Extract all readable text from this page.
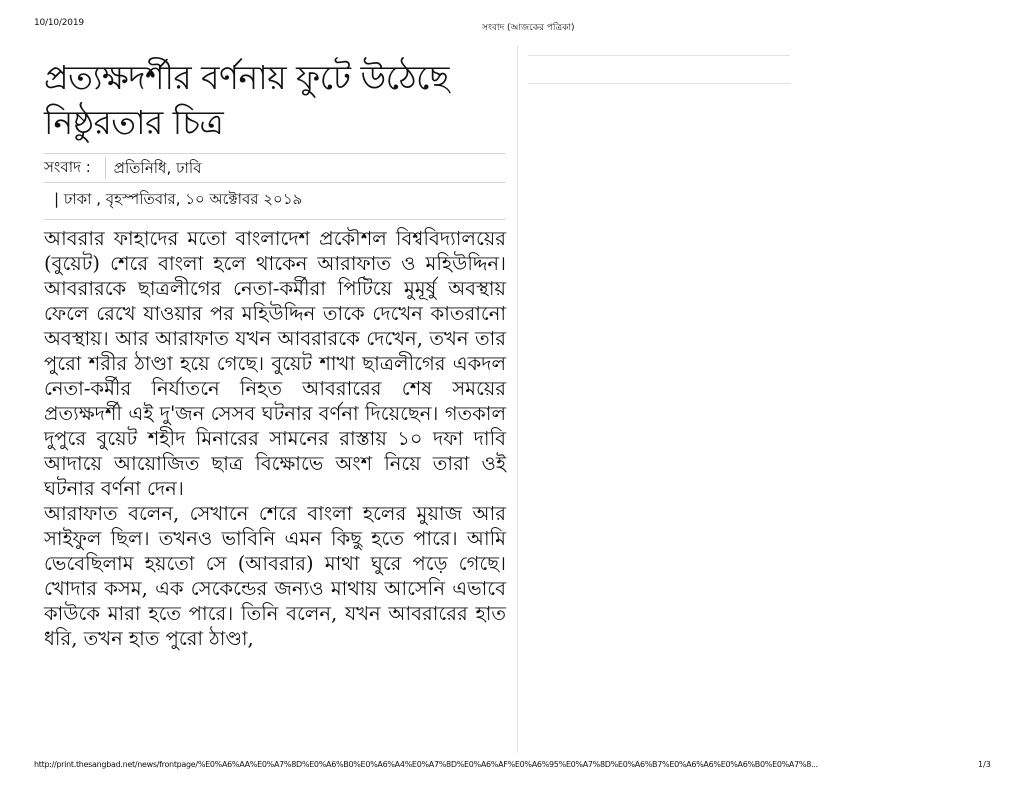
10/10/2019	সংবাদ (আজকের পত্রিকা)
প্রত্যক্ষদর্শীর বর্ণনায় ফুটে উঠেছে নিষ্ঠুরতার চিত্র
সংবাদ :	প্রতিনিধি, ঢাবি
| ঢাকা , বৃহস্পতিবার, ১০ অক্টোবর ২০১৯

আবরার ফাহাদের মতো বাংলাদেশ প্রকৌশল বিশ্ববিদ্যালয়ের (বুয়েট) শেরে বাংলা হলে থাকেন আরাফাত ও মহিউদ্দিন। আবরারকে ছাত্রলীগের নেতা-কর্মীরা পিটিয়ে মুমূর্ষু অবস্থায় ফেলে রেখে যাওয়ার পর মহিউদ্দিন তাকে দেখেন কাতরানো অবস্থায়। আর আরাফাত যখন আবরারকে দেখেন, তখন তার পুরো শরীর ঠাণ্ডা হয়ে গেছে। বুয়েট শাখা ছাত্রলীগের একদল নেতা-কর্মীর নির্যাতনে নিহত আবরারের শেষ সময়ের প্রত্যক্ষদর্শী এই দু'জন সেসব ঘটনার বর্ণনা দিয়েছেন। গতকাল দুপুরে বুয়েট শহীদ মিনারের সামনের রাস্তায় ১০ দফা দাবি আদায়ে আয়োজিত ছাত্র বিক্ষোভে অংশ নিয়ে তারা ওই ঘটনার বর্ণনা দেন।

আরাফাত বলেন, সেখানে শেরে বাংলা হলের মুয়াজ আর সাইফুল ছিল। তখনও ভাবিনি এমন কিছু হতে পারে। আমি ভেবেছিলাম হয়তো সে (আবরার) মাথা ঘুরে পড়ে গেছে। খোদার কসম, এক সেকেন্ডের জন্যও মাথায় আসেনি এভাবে কাউকে মারা হতে পারে। তিনি বলেন, যখন আবরারের হাত ধরি, তখন হাত পুরো ঠাণ্ডা,

http://print.thesangbad.net/news/frontpage/%E0%A6%AA%E0%A7%8D%E0%A6%B0%E0%A6%A4%E0%A7%8D%E0%A6%AF%E0%A6%95%E0%A7%8D%E0%A6%B7%E0%A6%A6%E0%A6%B0%E0%A7%8...	1/3
